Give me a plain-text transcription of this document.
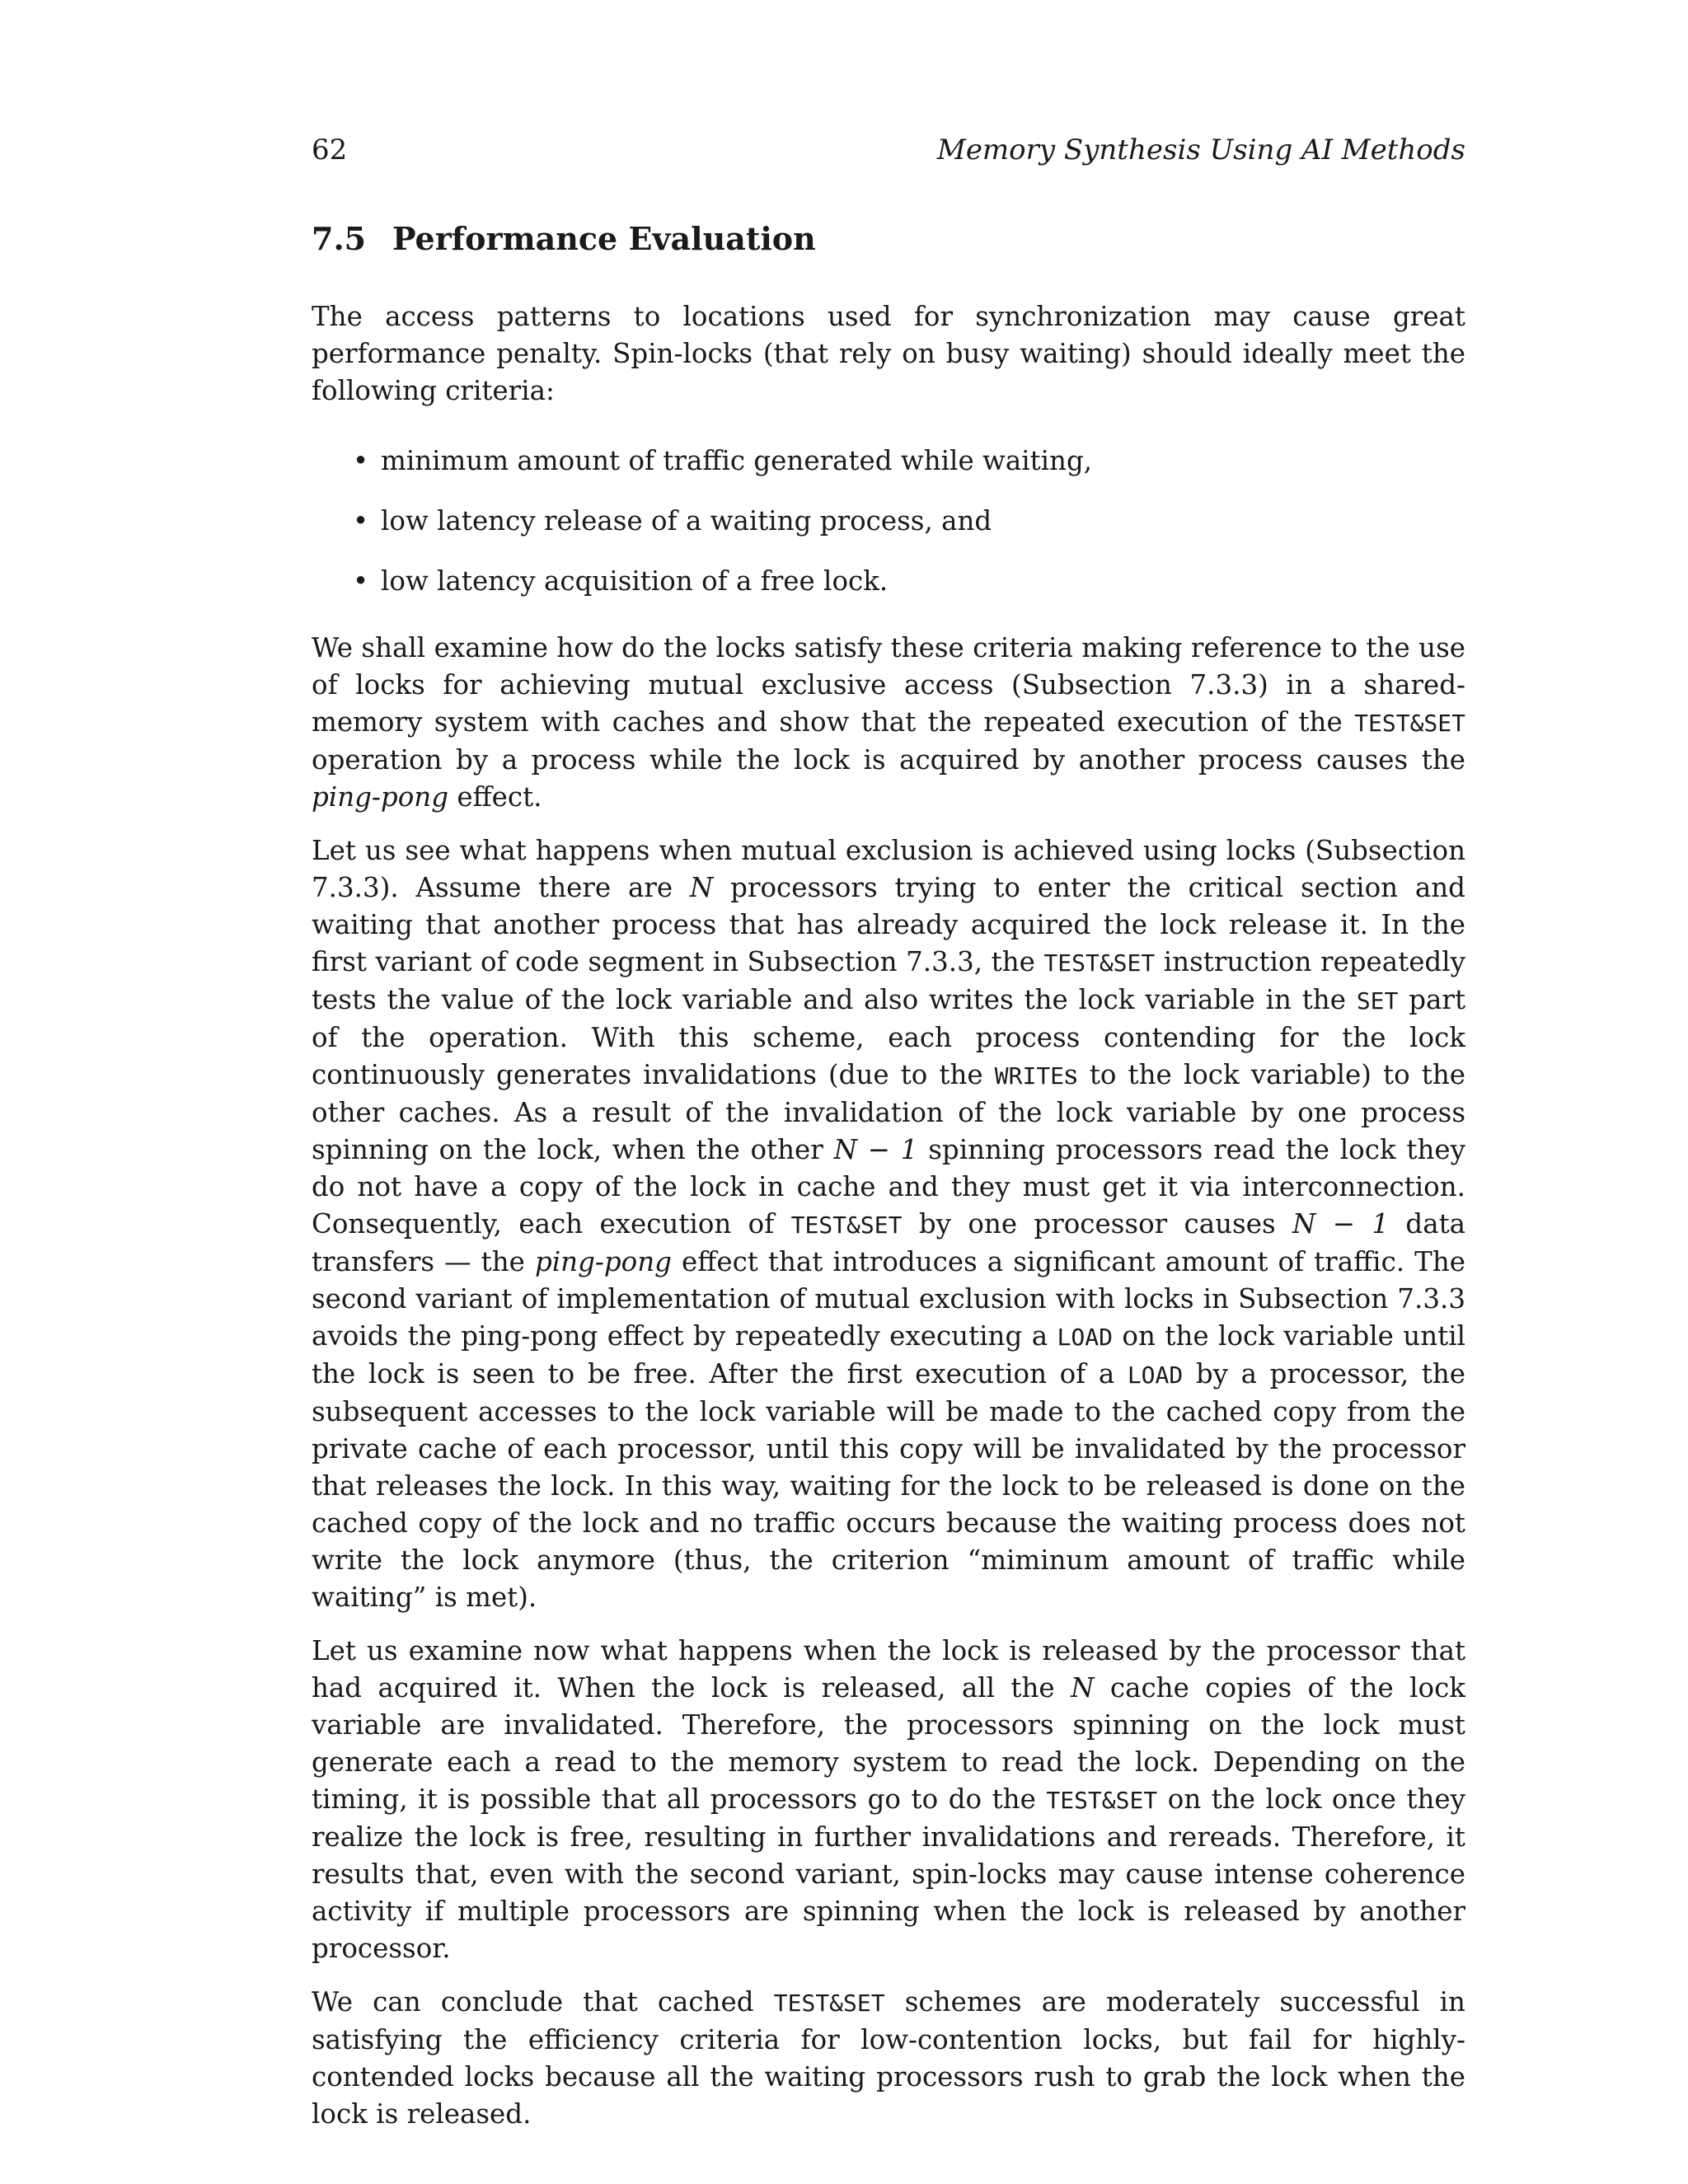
62	Memory Synthesis Using AI Methods
7.5 Performance Evaluation

The access patterns to locations used for synchronization may cause great performance penalty. Spin-locks (that rely on busy waiting) should ideally meet the following criteria:

• minimum amount of traffic generated while waiting,
• low latency release of a waiting process, and
• low latency acquisition of a free lock.

We shall examine how do the locks satisfy these criteria making reference to the use of locks for achieving mutual exclusive access (Subsection 7.3.3) in a shared-memory system with caches and show that the repeated execution of the TEST&SET operation by a process while the lock is acquired by another process causes the ping-pong effect.

Let us see what happens when mutual exclusion is achieved using locks (Subsection 7.3.3). Assume there are N processors trying to enter the critical section and waiting that another process that has already acquired the lock release it. In the first variant of code segment in Subsection 7.3.3, the TEST&SET instruction repeatedly tests the value of the lock variable and also writes the lock variable in the SET part of the operation. With this scheme, each process contending for the lock continuously generates invalidations (due to the WRITEs to the lock variable) to the other caches. As a result of the invalidation of the lock variable by one process spinning on the lock, when the other N − 1 spinning processors read the lock they do not have a copy of the lock in cache and they must get it via interconnection. Consequently, each execution of TEST&SET by one processor causes N − 1 data transfers — the ping-pong effect that introduces a significant amount of traffic. The second variant of implementation of mutual exclusion with locks in Subsection 7.3.3 avoids the ping-pong effect by repeatedly executing a LOAD on the lock variable until the lock is seen to be free. After the first execution of a LOAD by a processor, the subsequent accesses to the lock variable will be made to the cached copy from the private cache of each processor, until this copy will be invalidated by the processor that releases the lock. In this way, waiting for the lock to be released is done on the cached copy of the lock and no traffic occurs because the waiting process does not write the lock anymore (thus, the criterion “miminum amount of traffic while waiting” is met).

Let us examine now what happens when the lock is released by the processor that had acquired it. When the lock is released, all the N cache copies of the lock variable are invalidated. Therefore, the processors spinning on the lock must generate each a read to the memory system to read the lock. Depending on the timing, it is possible that all processors go to do the TEST&SET on the lock once they realize the lock is free, resulting in further invalidations and rereads. Therefore, it results that, even with the second variant, spin-locks may cause intense coherence activity if multiple processors are spinning when the lock is released by another processor.

We can conclude that cached TEST&SET schemes are moderately successful in satisfying the efficiency criteria for low-contention locks, but fail for highly-contended locks because all the waiting processors rush to grab the lock when the lock is released.
